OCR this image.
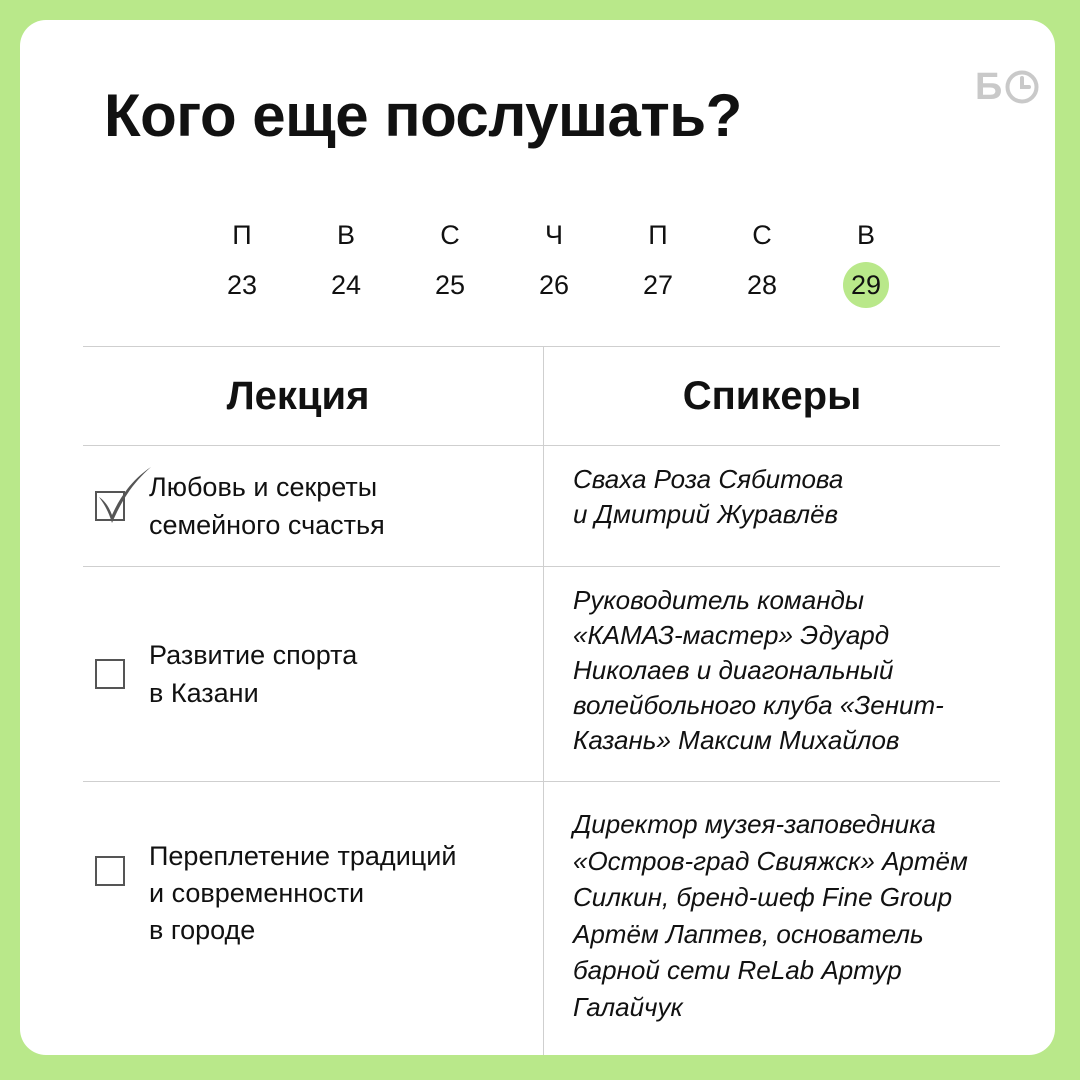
Кого еще послушать?	Б
П
23
В
24
С
25
Ч
26
П
27
С
28
В
29
Лекция	Спикеры
Любовь и секреты
семейного счастья
Сваха Роза Сябитова
и Дмитрий Журавлёв
Развитие спорта
в Казани
Руководитель команды
«КАМАЗ-мастер» Эдуард
Николаев и диагональный
волейбольного клуба «Зенит-
Казань» Максим Михайлов
Переплетение традиций
и современности
в городе
Директор музея-заповедника
«Остров-град Свияжск» Артём
Силкин, бренд-шеф Fine Group
Артём Лаптев, основатель
барной сети ReLab Артур
Галайчук
